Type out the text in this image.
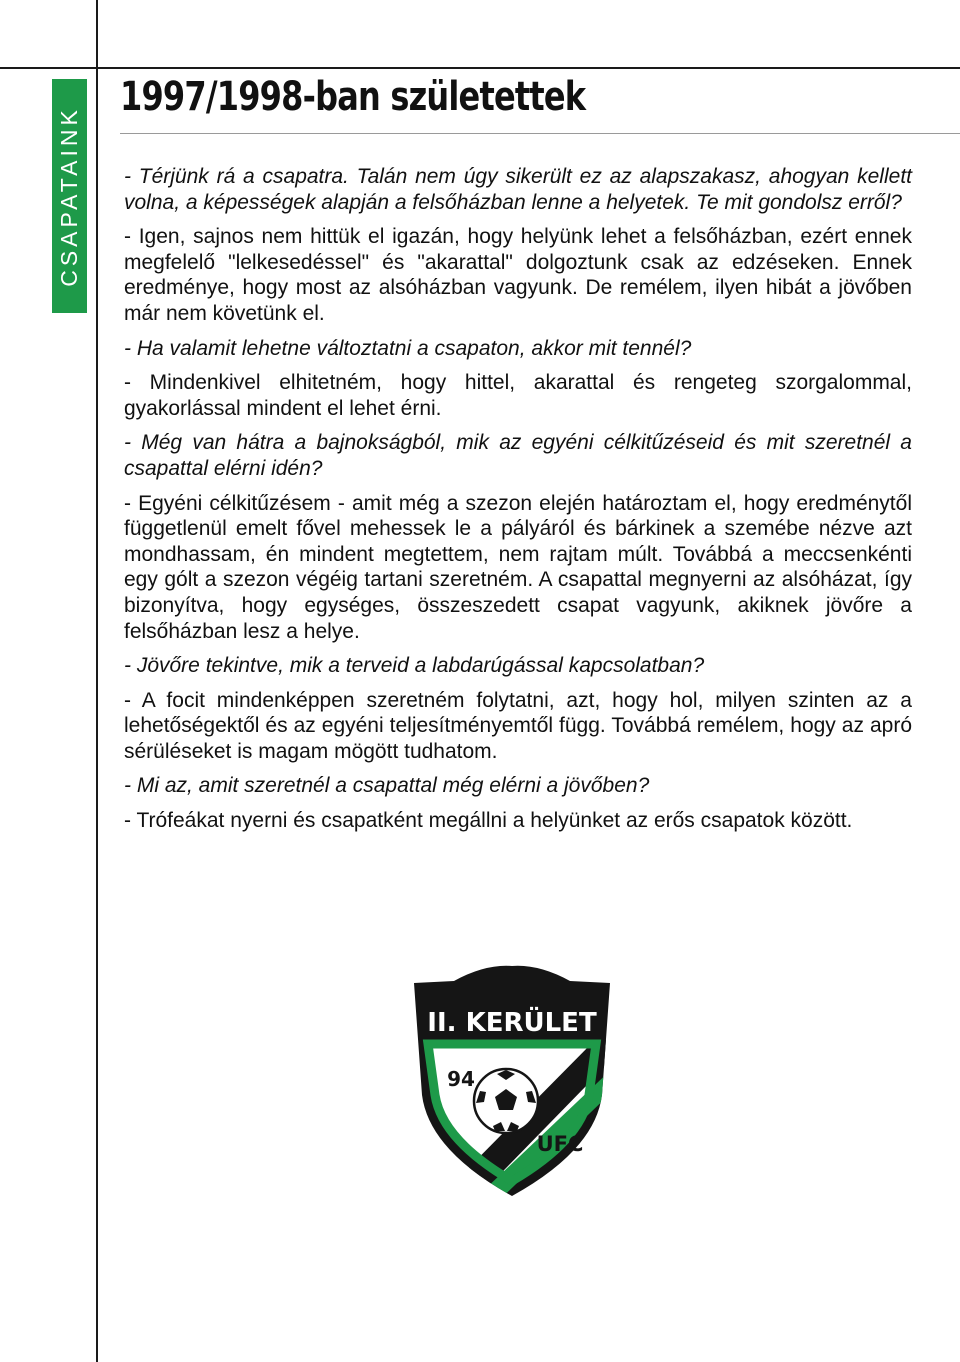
CSAPATAINK
1997/1998-ban születettek

- Térjünk rá a csapatra. Talán nem úgy sikerült ez az alapszakasz, ahogyan kellett volna, a képességek alapján a felsőházban lenne a helyetek. Te mit gondolsz erről?

- Igen, sajnos nem hittük el igazán, hogy helyünk lehet a felsőházban, ezért ennek megfelelő "lelkesedéssel" és "akarattal" dolgoztunk csak az edzéseken. Ennek eredménye, hogy most az alsóházban vagyunk. De remélem, ilyen hibát a jövőben már nem követünk el.

- Ha valamit lehetne változtatni a csapaton, akkor mit tennél?

- Mindenkivel elhitetném, hogy hittel, akarattal és rengeteg szorgalommal, gyakorlással mindent el lehet érni.

- Még van hátra a bajnokságból, mik az egyéni célkitűzéseid és mit szeretnél a csapattal elérni idén?

- Egyéni célkitűzésem - amit még a szezon elején határoztam el, hogy eredménytől függetlenül emelt fővel mehessek le a pályáról és bárkinek a szemébe nézve azt mondhassam, én mindent megtettem, nem rajtam múlt. Továbbá a meccsenkénti egy gólt a szezon végéig tartani szeretném. A csapattal megnyerni az alsóházat, így bizonyítva, hogy egységes, összeszedett csapat vagyunk, akiknek jövőre a felsőházban lesz a helye.

- Jövőre tekintve, mik a terveid a labdarúgással kapcsolatban?

- A focit mindenképpen szeretném folytatni, azt, hogy hol, milyen szinten az a lehetőségektől és az egyéni teljesítményemtől függ. Továbbá remélem, hogy az apró sérüléseket is magam mögött tudhatom.

- Mi az, amit szeretnél a csapattal még elérni a jövőben?

- Trófeákat nyerni és csapatként megállni a helyünket az erős csapatok között.

II. KERÜLET
94
UFC
